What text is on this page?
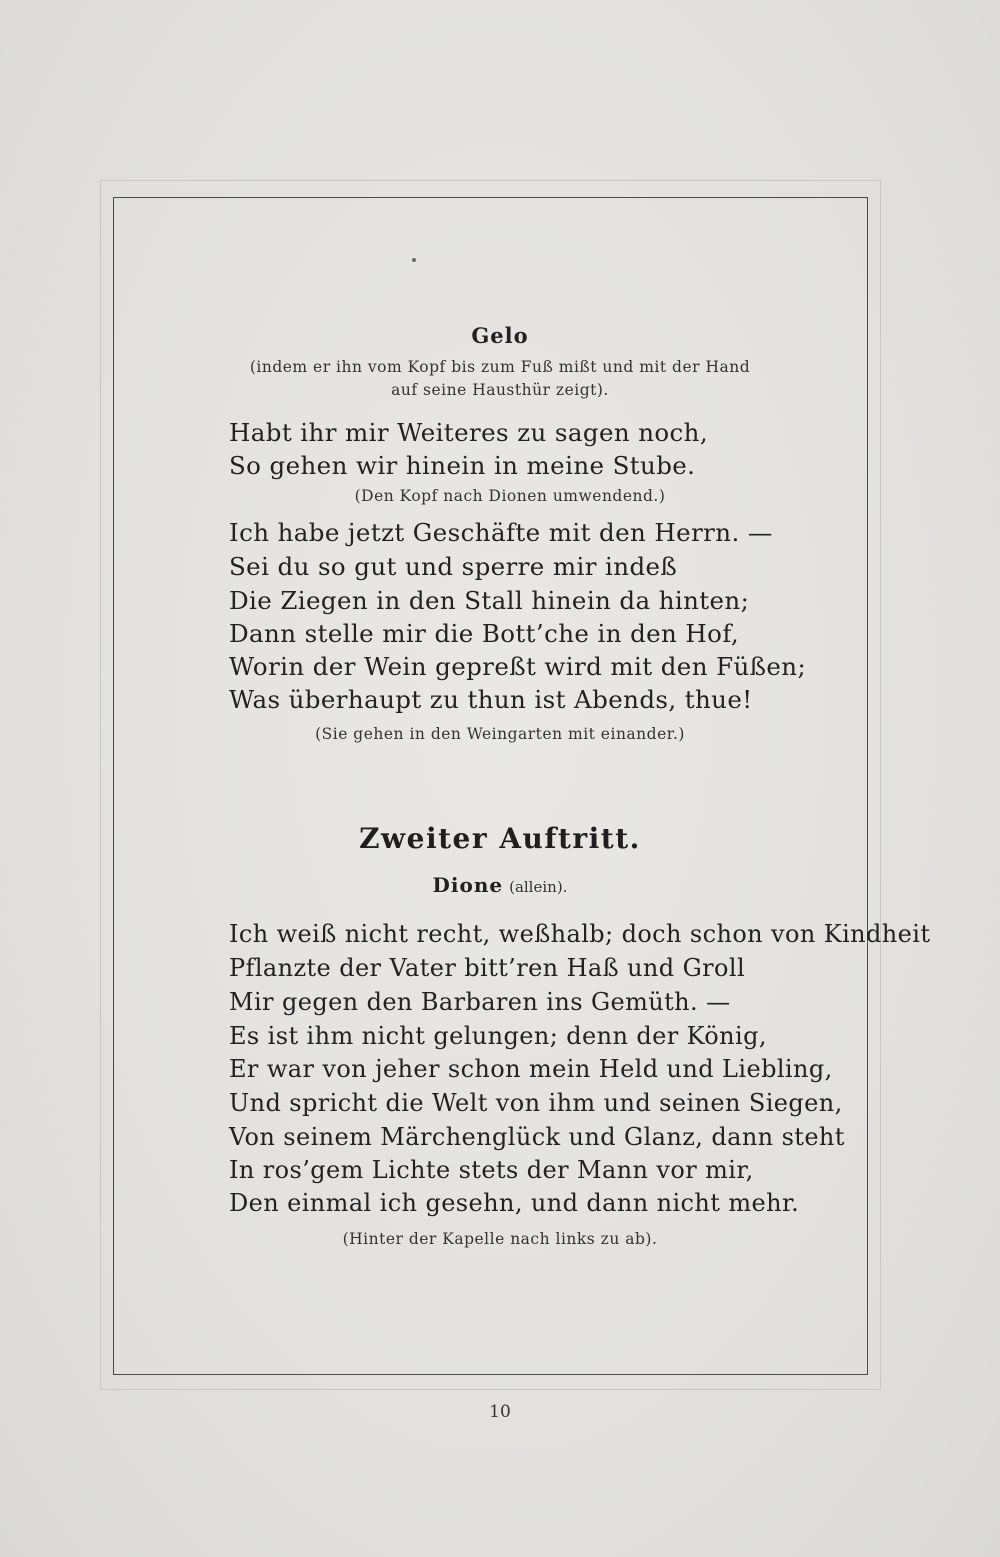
Gelo
(indem er ihn vom Kopf bis zum Fuß mißt und mit der Hand
auf seine Hausthür zeigt).
Habt ihr mir Weiteres zu sagen noch,
So gehen wir hinein in meine Stube.
(Den Kopf nach Dionen umwendend.)
Ich habe jetzt Geschäfte mit den Herrn. —
Sei du so gut und sperre mir indeß
Die Ziegen in den Stall hinein da hinten;
Dann stelle mir die Bott’che in den Hof,
Worin der Wein gepreßt wird mit den Füßen;
Was überhaupt zu thun ist Abends, thue!
(Sie gehen in den Weingarten mit einander.)
Zweiter Auftritt.
Dione (allein).
Ich weiß nicht recht, weßhalb; doch schon von Kindheit
Pflanzte der Vater bitt’ren Haß und Groll
Mir gegen den Barbaren ins Gemüth. —
Es ist ihm nicht gelungen; denn der König,
Er war von jeher schon mein Held und Liebling,
Und spricht die Welt von ihm und seinen Siegen,
Von seinem Märchenglück und Glanz, dann steht
In ros’gem Lichte stets der Mann vor mir,
Den einmal ich gesehn, und dann nicht mehr.
(Hinter der Kapelle nach links zu ab).
10
